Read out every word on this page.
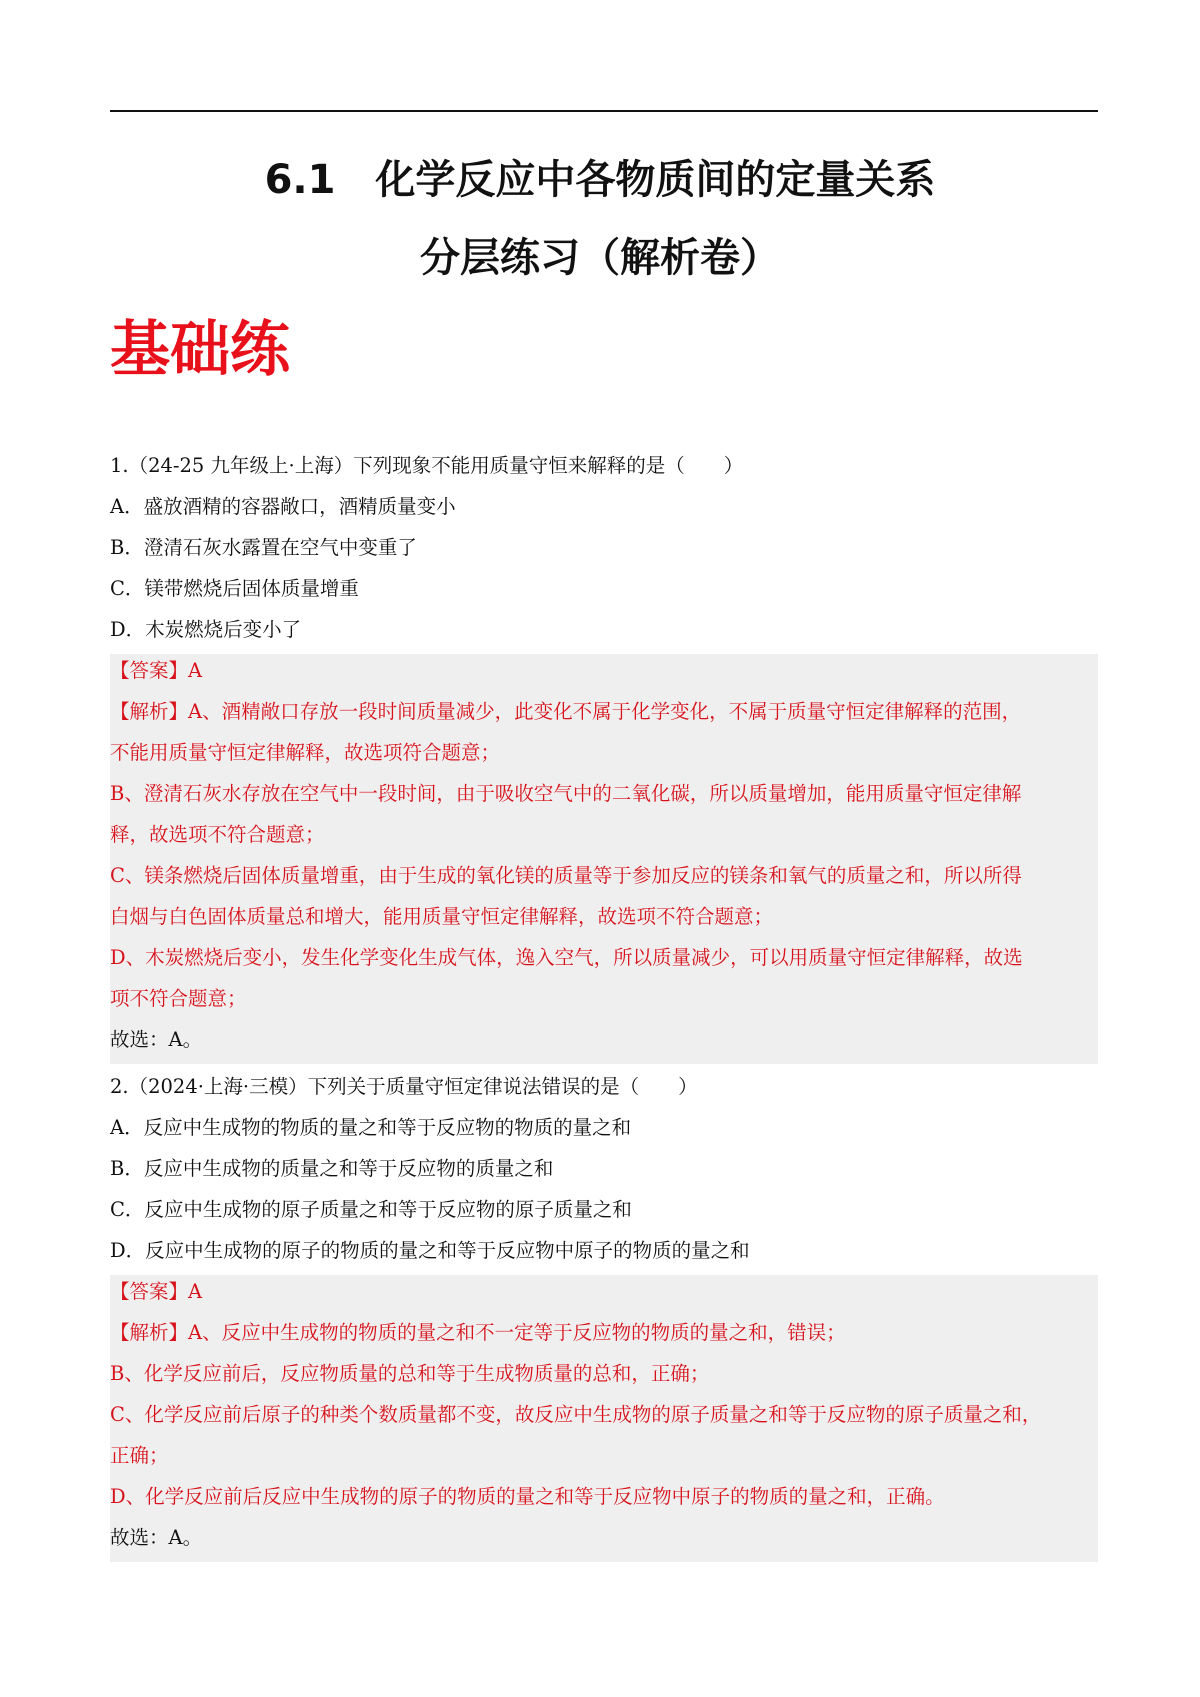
6.1　化学反应中各物质间的定量关系
分层练习（解析卷）
基础练
1.（24-25 九年级上·上海）下列现象不能用质量守恒来解释的是（　　）
A．盛放酒精的容器敞口，酒精质量变小
B．澄清石灰水露置在空气中变重了
C．镁带燃烧后固体质量增重
D．木炭燃烧后变小了
【答案】A
【解析】A、酒精敞口存放一段时间质量减少，此变化不属于化学变化，不属于质量守恒定律解释的范围，
不能用质量守恒定律解释，故选项符合题意；
B、澄清石灰水存放在空气中一段时间，由于吸收空气中的二氧化碳，所以质量增加，能用质量守恒定律解
释，故选项不符合题意；
C、镁条燃烧后固体质量增重，由于生成的氧化镁的质量等于参加反应的镁条和氧气的质量之和，所以所得
白烟与白色固体质量总和增大，能用质量守恒定律解释，故选项不符合题意；
D、木炭燃烧后变小，发生化学变化生成气体，逸入空气，所以质量减少，可以用质量守恒定律解释，故选
项不符合题意；
故选：A。
2.（2024·上海·三模）下列关于质量守恒定律说法错误的是（　　）
A．反应中生成物的物质的量之和等于反应物的物质的量之和
B．反应中生成物的质量之和等于反应物的质量之和
C．反应中生成物的原子质量之和等于反应物的原子质量之和
D．反应中生成物的原子的物质的量之和等于反应物中原子的物质的量之和
【答案】A
【解析】A、反应中生成物的物质的量之和不一定等于反应物的物质的量之和，错误；
B、化学反应前后，反应物质量的总和等于生成物质量的总和，正确；
C、化学反应前后原子的种类个数质量都不变，故反应中生成物的原子质量之和等于反应物的原子质量之和，
正确；
D、化学反应前后反应中生成物的原子的物质的量之和等于反应物中原子的物质的量之和，正确。
故选：A。
